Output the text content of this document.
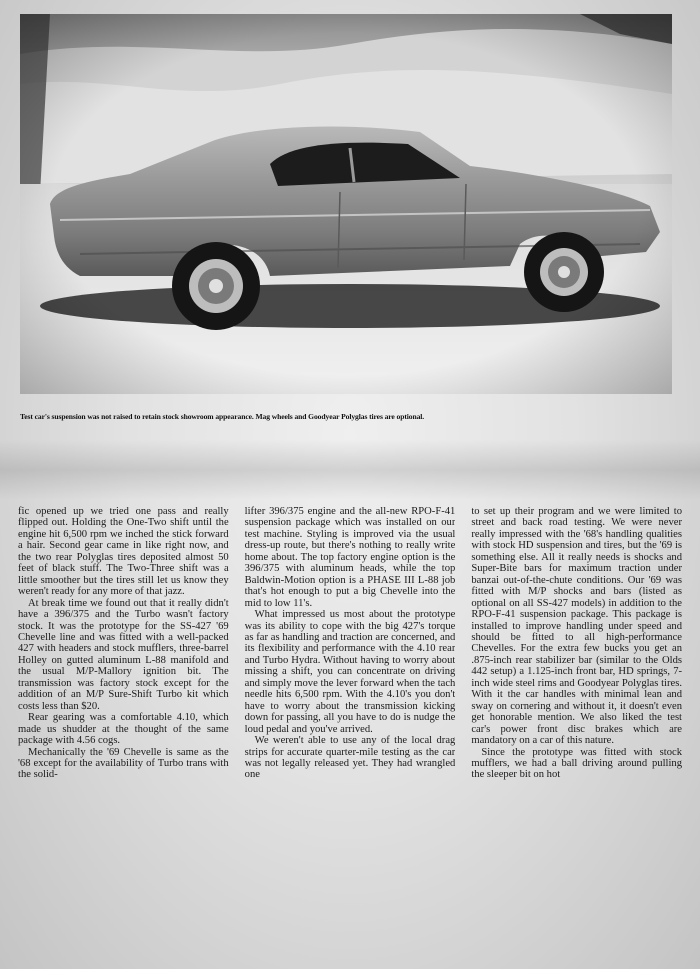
Test car's suspension was not raised to retain stock showroom appearance. Mag wheels and Goodyear Polyglas tires are optional.

fic opened up we tried one pass and really flipped out. Holding the One-Two shift until the engine hit 6,500 rpm we inched the stick forward a hair. Second gear came in like right now, and the two rear Polyglas tires deposited almost 50 feet of black stuff. The Two-Three shift was a little smoother but the tires still let us know they weren't ready for any more of that jazz.

At break time we found out that it really didn't have a 396/375 and the Turbo wasn't factory stock. It was the prototype for the SS-427 '69 Chevelle line and was fitted with a well-packed 427 with headers and stock mufflers, three-barrel Holley on gutted aluminum L-88 manifold and the usual M/P-Mallory ignition bit. The transmission was factory stock except for the addition of an M/P Sure-Shift Turbo kit which costs less than $20.

Rear gearing was a comfortable 4.10, which made us shudder at the thought of the same package with 4.56 cogs.

Mechanically the '69 Chevelle is same as the '68 except for the availability of Turbo trans with the solid-

lifter 396/375 engine and the all-new RPO-F-41 suspension package which was installed on our test machine. Styling is improved via the usual dress-up route, but there's nothing to really write home about. The top factory engine option is the 396/375 with aluminum heads, while the top Baldwin-Motion option is a PHASE III L-88 job that's hot enough to put a big Chevelle into the mid to low 11's.

What impressed us most about the prototype was its ability to cope with the big 427's torque as far as handling and traction are concerned, and its flexibility and performance with the 4.10 rear and Turbo Hydra. Without having to worry about missing a shift, you can concentrate on driving and simply move the lever forward when the tach needle hits 6,500 rpm. With the 4.10's you don't have to worry about the transmission kicking down for passing, all you have to do is nudge the loud pedal and you've arrived.

We weren't able to use any of the local drag strips for accurate quarter-mile testing as the car was not legally released yet. They had wrangled one

to set up their program and we were limited to street and back road testing. We were never really impressed with the '68's handling qualities with stock HD suspension and tires, but the '69 is something else. All it really needs is shocks and Super-Bite bars for maximum traction under banzai out-of-the-chute conditions. Our '69 was fitted with M/P shocks and bars (listed as optional on all SS-427 models) in addition to the RPO-F-41 suspension package. This package is installed to improve handling under speed and should be fitted to all high-performance Chevelles. For the extra few bucks you get an .875-inch rear stabilizer bar (similar to the Olds 442 setup) a 1.125-inch front bar, HD springs, 7-inch wide steel rims and Goodyear Polyglas tires. With it the car handles with minimal lean and sway on cornering and without it, it doesn't even get honorable mention. We also liked the test car's power front disc brakes which are mandatory on a car of this nature.

Since the prototype was fitted with stock mufflers, we had a ball driving around pulling the sleeper bit on hot
